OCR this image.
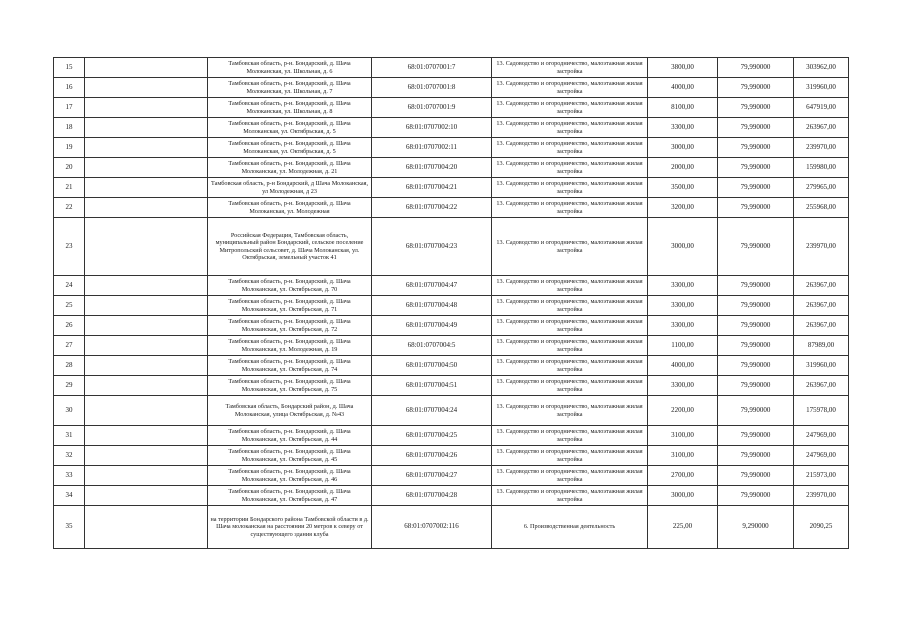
15		Тамбовская область, р-н. Бондарский, д. Шача Молоканская, ул. Школьная, д. 6	68:01:0707001:7	13. Садоводство и огородничество, малоэтажная жилая застройка	3800,00	79,990000	303962,00
16		Тамбовская область, р-н. Бондарский, д. Шача Молоканская, ул. Школьная, д. 7	68:01:0707001:8	13. Садоводство и огородничество, малоэтажная жилая застройка	4000,00	79,990000	319960,00
17		Тамбовская область, р-н. Бондарский, д. Шача Молоканская, ул. Школьная, д. 8	68:01:0707001:9	13. Садоводство и огородничество, малоэтажная жилая застройка	8100,00	79,990000	647919,00
18		Тамбовская область, р-н. Бондарский, д. Шача Молоканская, ул. Октябрьская, д. 5	68:01:0707002:10	13. Садоводство и огородничество, малоэтажная жилая застройка	3300,00	79,990000	263967,00
19		Тамбовская область, р-н. Бондарский, д. Шача Молоканская, ул. Октябрьская, д. 5	68:01:0707002:11	13. Садоводство и огородничество, малоэтажная жилая застройка	3000,00	79,990000	239970,00
20		Тамбовская область, р-н. Бондарский, д. Шача Молоканская, ул. Молодежная, д. 21	68:01:0707004:20	13. Садоводство и огородничество, малоэтажная жилая застройка	2000,00	79,990000	159980,00
21		Тамбовская область, р-н Бондарский, д Шача Молоканская, ул Молодежная, д 23	68:01:0707004:21	13. Садоводство и огородничество, малоэтажная жилая застройка	3500,00	79,990000	279965,00
22		Тамбовская область, р-н. Бондарский, д. Шача Молоканская, ул. Молодежная	68:01:0707004:22	13. Садоводство и огородничество, малоэтажная жилая застройка	3200,00	79,990000	255968,00
23		Российская Федерация, Тамбовская область, муниципальный район Бондарский, сельское поселение Митропольский сельсовет, д. Шача Молоканская, ул. Октябрьская, земельный участок 41	68:01:0707004:23	13. Садоводство и огородничество, малоэтажная жилая застройка	3000,00	79,990000	239970,00
24		Тамбовская область, р-н. Бондарский, д. Шача Молоканская, ул. Октябрьская, д. 70	68:01:0707004:47	13. Садоводство и огородничество, малоэтажная жилая застройка	3300,00	79,990000	263967,00
25		Тамбовская область, р-н. Бондарский, д. Шача Молоканская, ул. Октябрьская, д. 71	68:01:0707004:48	13. Садоводство и огородничество, малоэтажная жилая застройка	3300,00	79,990000	263967,00
26		Тамбовская область, р-н. Бондарский, д. Шача Молоканская, ул. Октябрьская, д. 72	68:01:0707004:49	13. Садоводство и огородничество, малоэтажная жилая застройка	3300,00	79,990000	263967,00
27		Тамбовская область, р-н. Бондарский, д. Шача Молоканская, ул. Молодежная, д. 19	68:01:0707004:5	13. Садоводство и огородничество, малоэтажная жилая застройка	1100,00	79,990000	87989,00
28		Тамбовская область, р-н. Бондарский, д. Шача Молоканская, ул. Октябрьская, д. 74	68:01:0707004:50	13. Садоводство и огородничество, малоэтажная жилая застройка	4000,00	79,990000	319960,00
29		Тамбовская область, р-н. Бондарский, д. Шача Молоканская, ул. Октябрьская, д. 75	68:01:0707004:51	13. Садоводство и огородничество, малоэтажная жилая застройка	3300,00	79,990000	263967,00
30		Тамбовская область, Бондарский район, д. Шача Молоканская, улица Октябрьская, д. №43	68:01:0707004:24	13. Садоводство и огородничество, малоэтажная жилая застройка	2200,00	79,990000	175978,00
31		Тамбовская область, р-н. Бондарский, д. Шача Молоканская, ул. Октябрьская, д. 44	68:01:0707004:25	13. Садоводство и огородничество, малоэтажная жилая застройка	3100,00	79,990000	247969,00
32		Тамбовская область, р-н. Бондарский, д. Шача Молоканская, ул. Октябрьская, д. 45	68:01:0707004:26	13. Садоводство и огородничество, малоэтажная жилая застройка	3100,00	79,990000	247969,00
33		Тамбовская область, р-н. Бондарский, д. Шача Молоканская, ул. Октябрьская, д. 46	68:01:0707004:27	13. Садоводство и огородничество, малоэтажная жилая застройка	2700,00	79,990000	215973,00
34		Тамбовская область, р-н. Бондарский, д. Шача Молоканская, ул. Октябрьская, д. 47	68:01:0707004:28	13. Садоводство и огородничество, малоэтажная жилая застройка	3000,00	79,990000	239970,00
35		на территории Бондарского района Тамбовской области в д. Шача молоканская на расстоянии 20 метров к северу от существующего здания клуба	68:01:0707002:116	6. Производственная деятельность	225,00	9,290000	2090,25
